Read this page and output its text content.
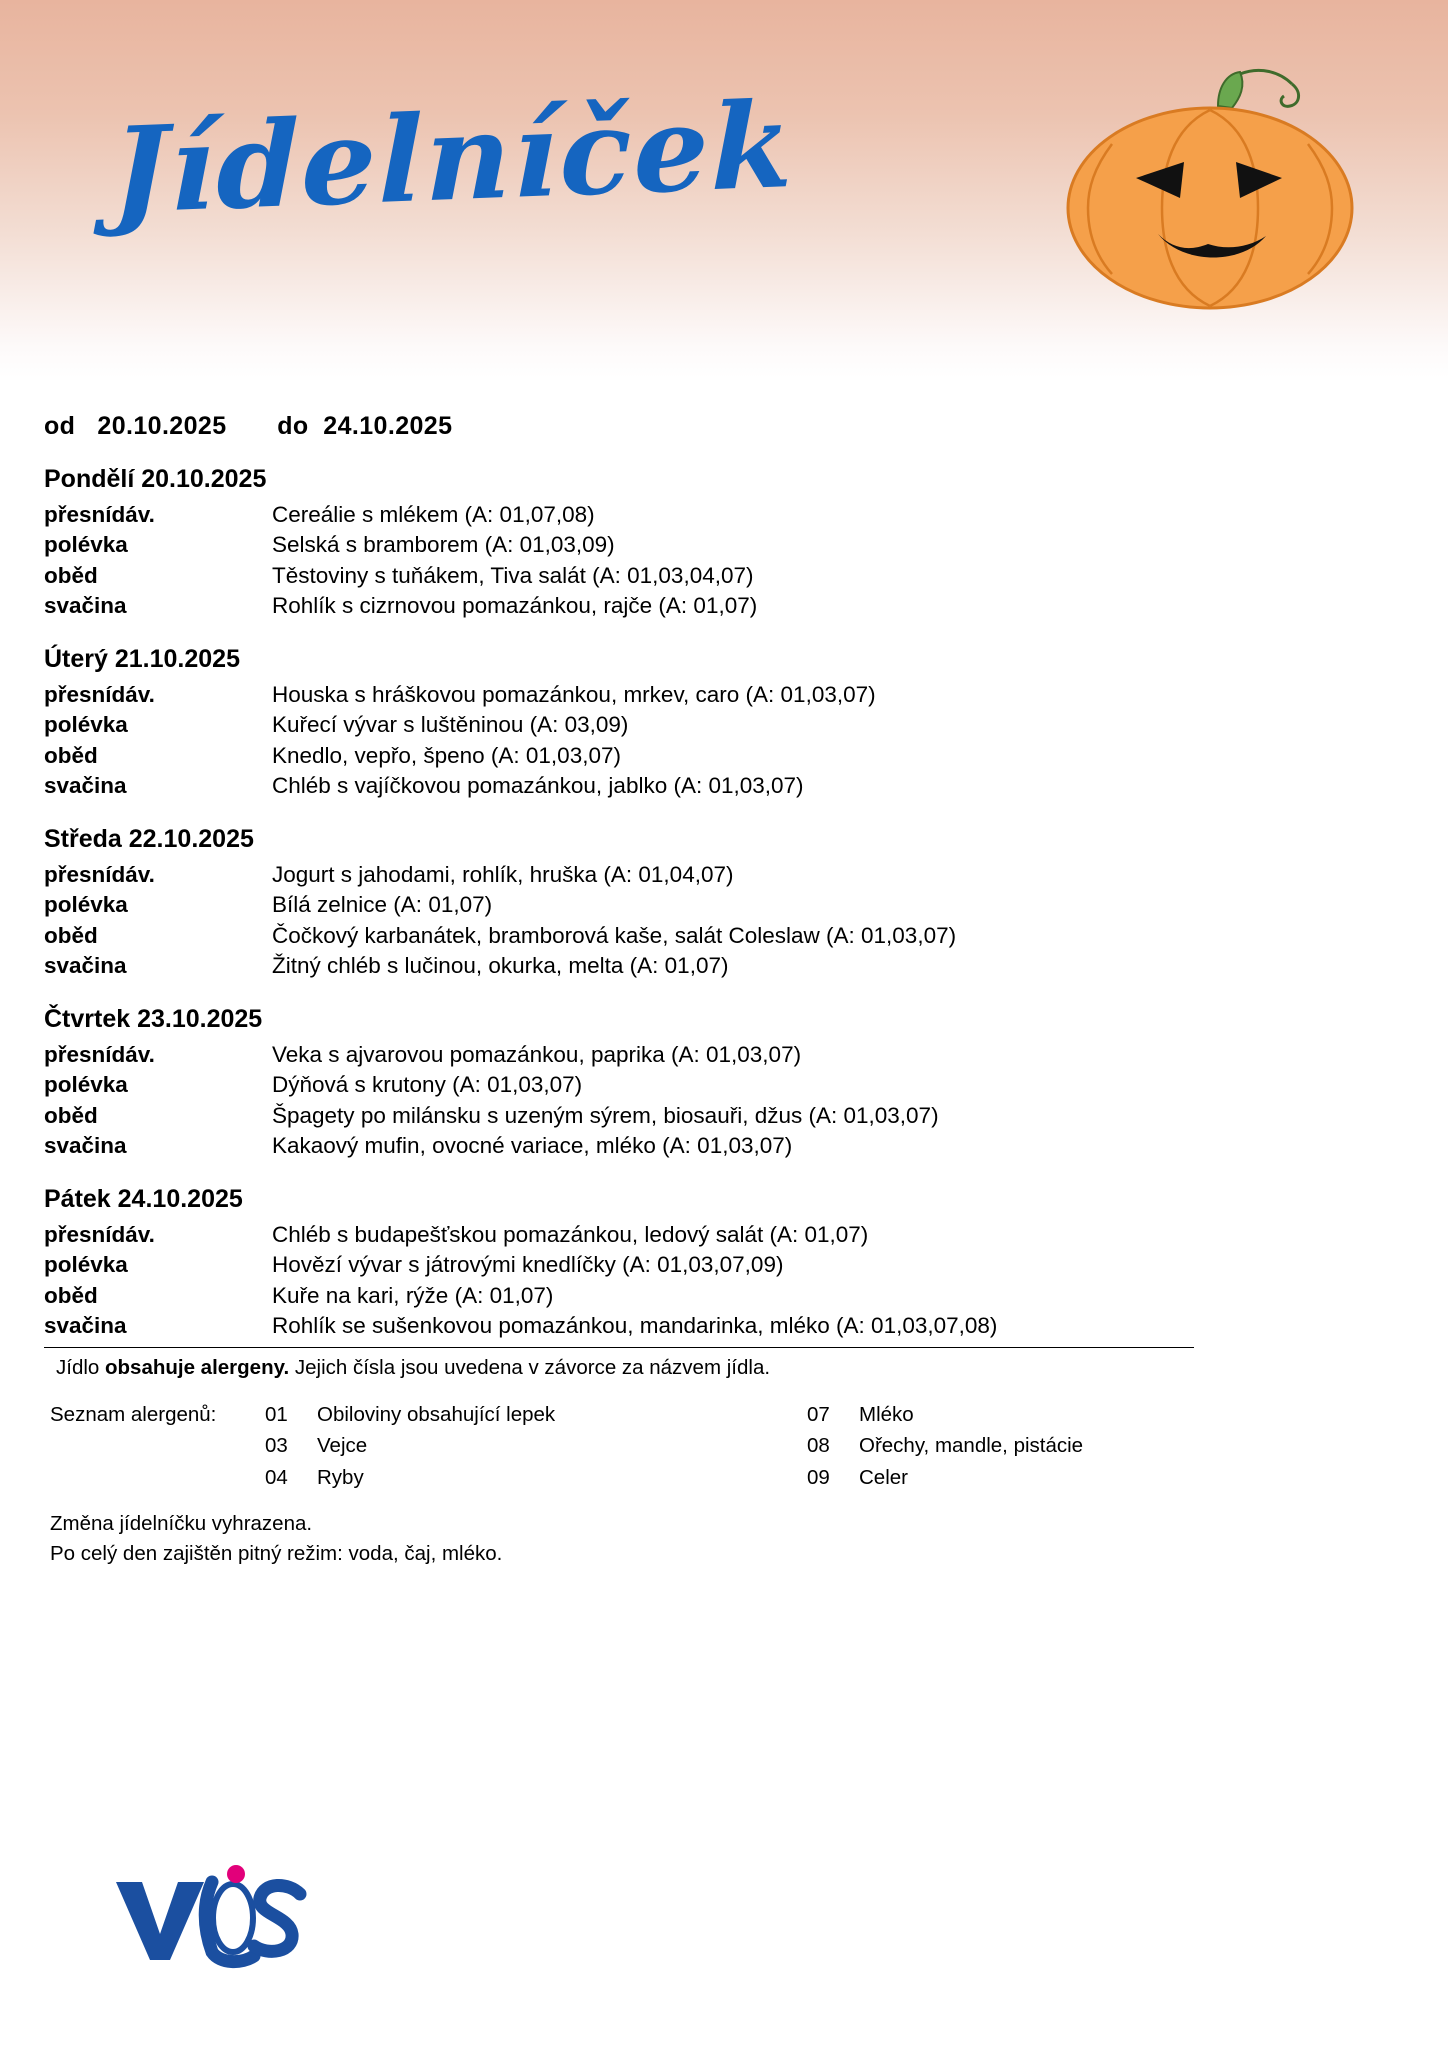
Jídelníček
od 20.10.2025 do 24.10.2025
Pondělí 20.10.2025
přesnídáv.	Cereálie s mlékem (A: 01,07,08)
polévka	Selská s bramborem (A: 01,03,09)
oběd	Těstoviny s tuňákem, Tiva salát (A: 01,03,04,07)
svačina	Rohlík s cizrnovou pomazánkou, rajče (A: 01,07)
Úterý 21.10.2025
přesnídáv.	Houska s hráškovou pomazánkou, mrkev, caro (A: 01,03,07)
polévka	Kuřecí vývar s luštěninou (A: 03,09)
oběd	Knedlo, vepřo, špeno (A: 01,03,07)
svačina	Chléb s vajíčkovou pomazánkou, jablko (A: 01,03,07)
Středa 22.10.2025
přesnídáv.	Jogurt s jahodami, rohlík, hruška (A: 01,04,07)
polévka	Bílá zelnice (A: 01,07)
oběd	Čočkový karbanátek, bramborová kaše, salát Coleslaw (A: 01,03,07)
svačina	Žitný chléb s lučinou, okurka, melta (A: 01,07)
Čtvrtek 23.10.2025
přesnídáv.	Veka s ajvarovou pomazánkou, paprika (A: 01,03,07)
polévka	Dýňová s krutony (A: 01,03,07)
oběd	Špagety po milánsku s uzeným sýrem, biosauři, džus (A: 01,03,07)
svačina	Kakaový mufin, ovocné variace, mléko (A: 01,03,07)
Pátek 24.10.2025
přesnídáv.	Chléb s budapešťskou pomazánkou, ledový salát (A: 01,07)
polévka	Hovězí vývar s játrovými knedlíčky (A: 01,03,07,09)
oběd	Kuře na kari, rýže (A: 01,07)
svačina	Rohlík se sušenkovou pomazánkou, mandarinka, mléko (A: 01,03,07,08)

Jídlo obsahuje alergeny. Jejich čísla jsou uvedena v závorce za názvem jídla.

Seznam alergenů:	01	Obiloviny obsahující lepek	07	Mléko
03	Vejce	08	Ořechy, mandle, pistácie
04	Ryby	09	Celer
Změna jídelníčku vyhrazena.
Po celý den zajištěn pitný režim: voda, čaj, mléko.
